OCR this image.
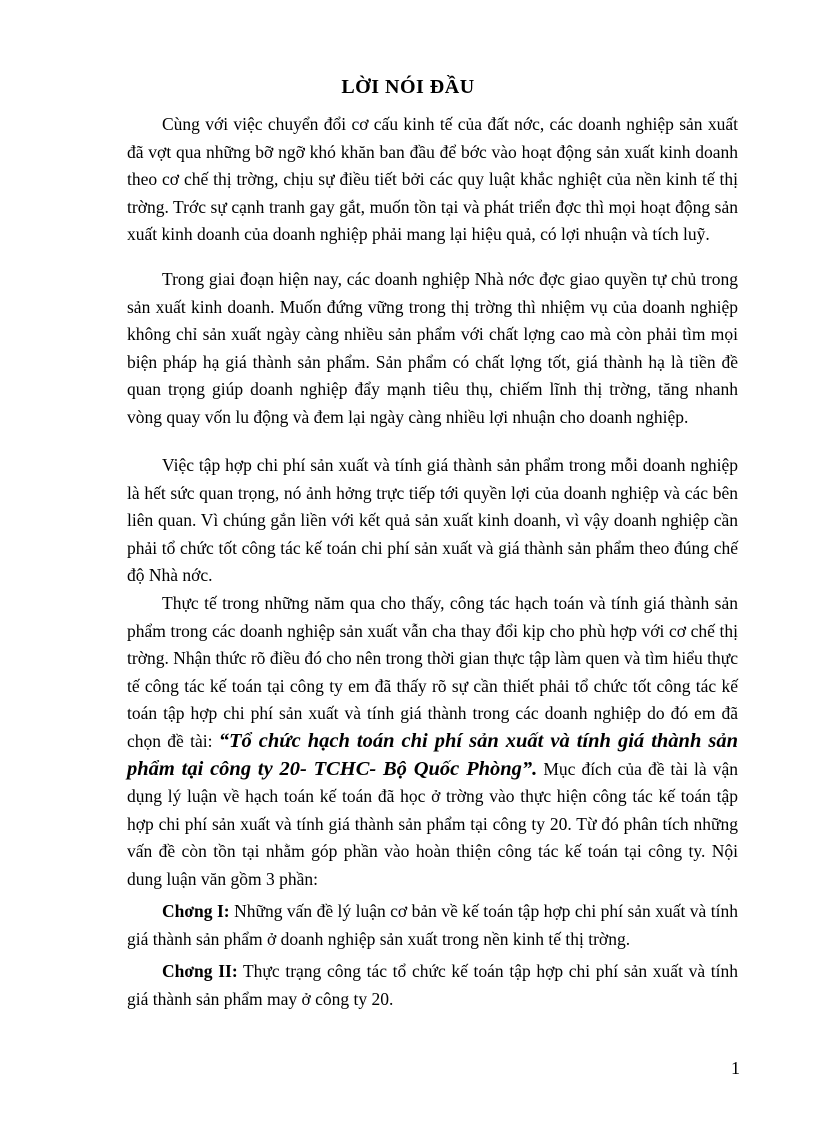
LỜI NÓI ĐẦU

Cùng với việc chuyển đổi cơ cấu kinh tế của đất nớc, các doanh nghiệp sản xuất đã vợt qua những bỡ ngỡ khó khăn ban đầu để bớc vào hoạt động sản xuất kinh doanh theo cơ chế thị trờng, chịu sự điều tiết bởi các quy luật khắc nghiệt của nền kinh tế thị trờng. Trớc sự cạnh tranh gay gắt, muốn tồn tại và phát triển đợc thì mọi hoạt động sản xuất kinh doanh của doanh nghiệp phải mang lại hiệu quả, có lợi nhuận và tích luỹ.

Trong giai đoạn hiện nay, các doanh nghiệp Nhà nớc đợc giao quyền tự chủ trong sản xuất kinh doanh. Muốn đứng vững trong thị trờng thì nhiệm vụ của doanh nghiệp không chỉ sản xuất ngày càng nhiều sản phẩm với chất lợng cao mà còn phải tìm mọi biện pháp hạ giá thành sản phẩm. Sản phẩm có chất lợng tốt, giá thành hạ là tiền đề quan trọng giúp doanh nghiệp đẩy mạnh tiêu thụ, chiếm lĩnh thị trờng, tăng nhanh vòng quay vốn lu động và đem lại ngày càng nhiều lợi nhuận cho doanh nghiệp.

Việc tập hợp chi phí sản xuất và tính giá thành sản phẩm trong mỗi doanh nghiệp là hết sức quan trọng, nó ảnh hởng trực tiếp tới quyền lợi của doanh nghiệp và các bên liên quan. Vì chúng gắn liền với kết quả sản xuất kinh doanh, vì vậy doanh nghiệp cần phải tổ chức tốt công tác kế toán chi phí sản xuất và giá thành sản phẩm theo đúng chế độ Nhà nớc.

Thực tế trong những năm qua cho thấy, công tác hạch toán và tính giá thành sản phẩm trong các doanh nghiệp sản xuất vẫn cha thay đổi kịp cho phù hợp với cơ chế thị trờng. Nhận thức rõ điều đó cho nên trong thời gian thực tập làm quen và tìm hiểu thực tế công tác kế toán tại công ty em đã thấy rõ sự cần thiết phải tổ chức tốt công tác kế toán tập hợp chi phí sản xuất và tính giá thành trong các doanh nghiệp do đó em đã chọn đề tài: “Tổ chức hạch toán chi phí sản xuất và tính giá thành sản phẩm tại công ty 20- TCHC- Bộ Quốc Phòng”. Mục đích của đề tài là vận dụng lý luận về hạch toán kế toán đã học ở trờng vào thực hiện công tác kế toán tập hợp chi phí sản xuất và tính giá thành sản phẩm tại công ty 20. Từ đó phân tích những vấn đề còn tồn tại nhằm góp phần vào hoàn thiện công tác kế toán tại công ty. Nội dung luận văn gồm 3 phần:

Chơng I: Những vấn đề lý luận cơ bản về kế toán tập hợp chi phí sản xuất và tính giá thành sản phẩm ở doanh nghiệp sản xuất trong nền kinh tế thị trờng.

Chơng II: Thực trạng công tác tổ chức kế toán tập hợp chi phí sản xuất và tính giá thành sản phẩm may ở công ty 20.

1
